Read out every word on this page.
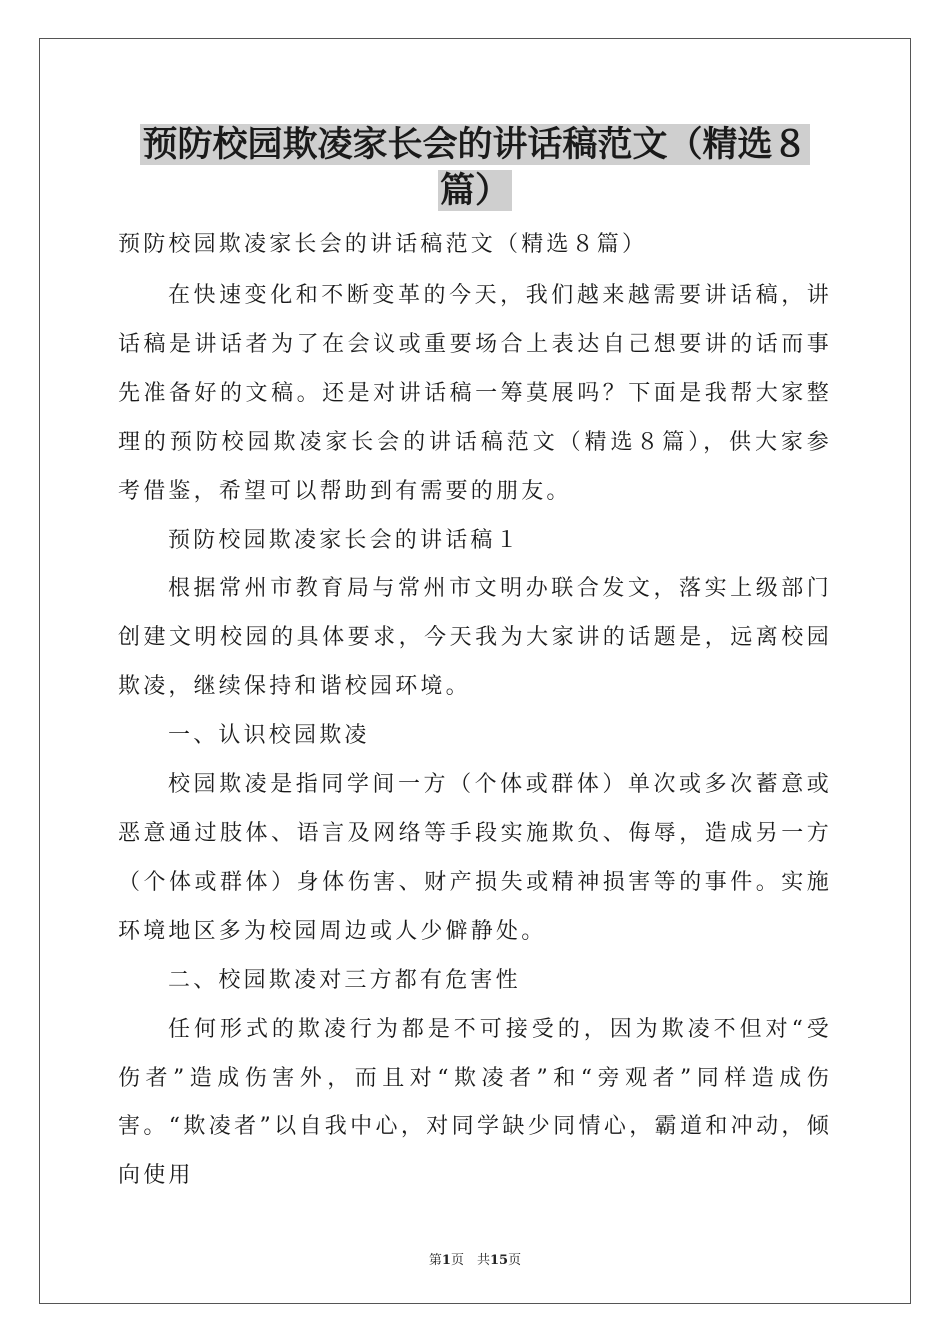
预防校园欺凌家长会的讲话稿范文（精选８
篇）

预防校园欺凌家长会的讲话稿范文（精选８篇）

在快速变化和不断变革的今天，我们越来越需要讲话稿，讲话稿是讲话者为了在会议或重要场合上表达自己想要讲的话而事先准备好的文稿。还是对讲话稿一筹莫展吗？下面是我帮大家整理的预防校园欺凌家长会的讲话稿范文（精选８篇），供大家参考借鉴，希望可以帮助到有需要的朋友。

预防校园欺凌家长会的讲话稿１

根据常州市教育局与常州市文明办联合发文，落实上级部门创建文明校园的具体要求，今天我为大家讲的话题是，远离校园欺凌，继续保持和谐校园环境。

一、认识校园欺凌

校园欺凌是指同学间一方（个体或群体）单次或多次蓄意或恶意通过肢体、语言及网络等手段实施欺负、侮辱，造成另一方（个体或群体）身体伤害、财产损失或精神损害等的事件。实施环境地区多为校园周边或人少僻静处。

二、校园欺凌对三方都有危害性

任何形式的欺凌行为都是不可接受的，因为欺凌不但对“受伤者”造成伤害外，而且对“欺凌者”和“旁观者”同样造成伤害。“欺凌者”以自我中心，对同学缺少同情心，霸道和冲动，倾向使用

第1页　共15页
